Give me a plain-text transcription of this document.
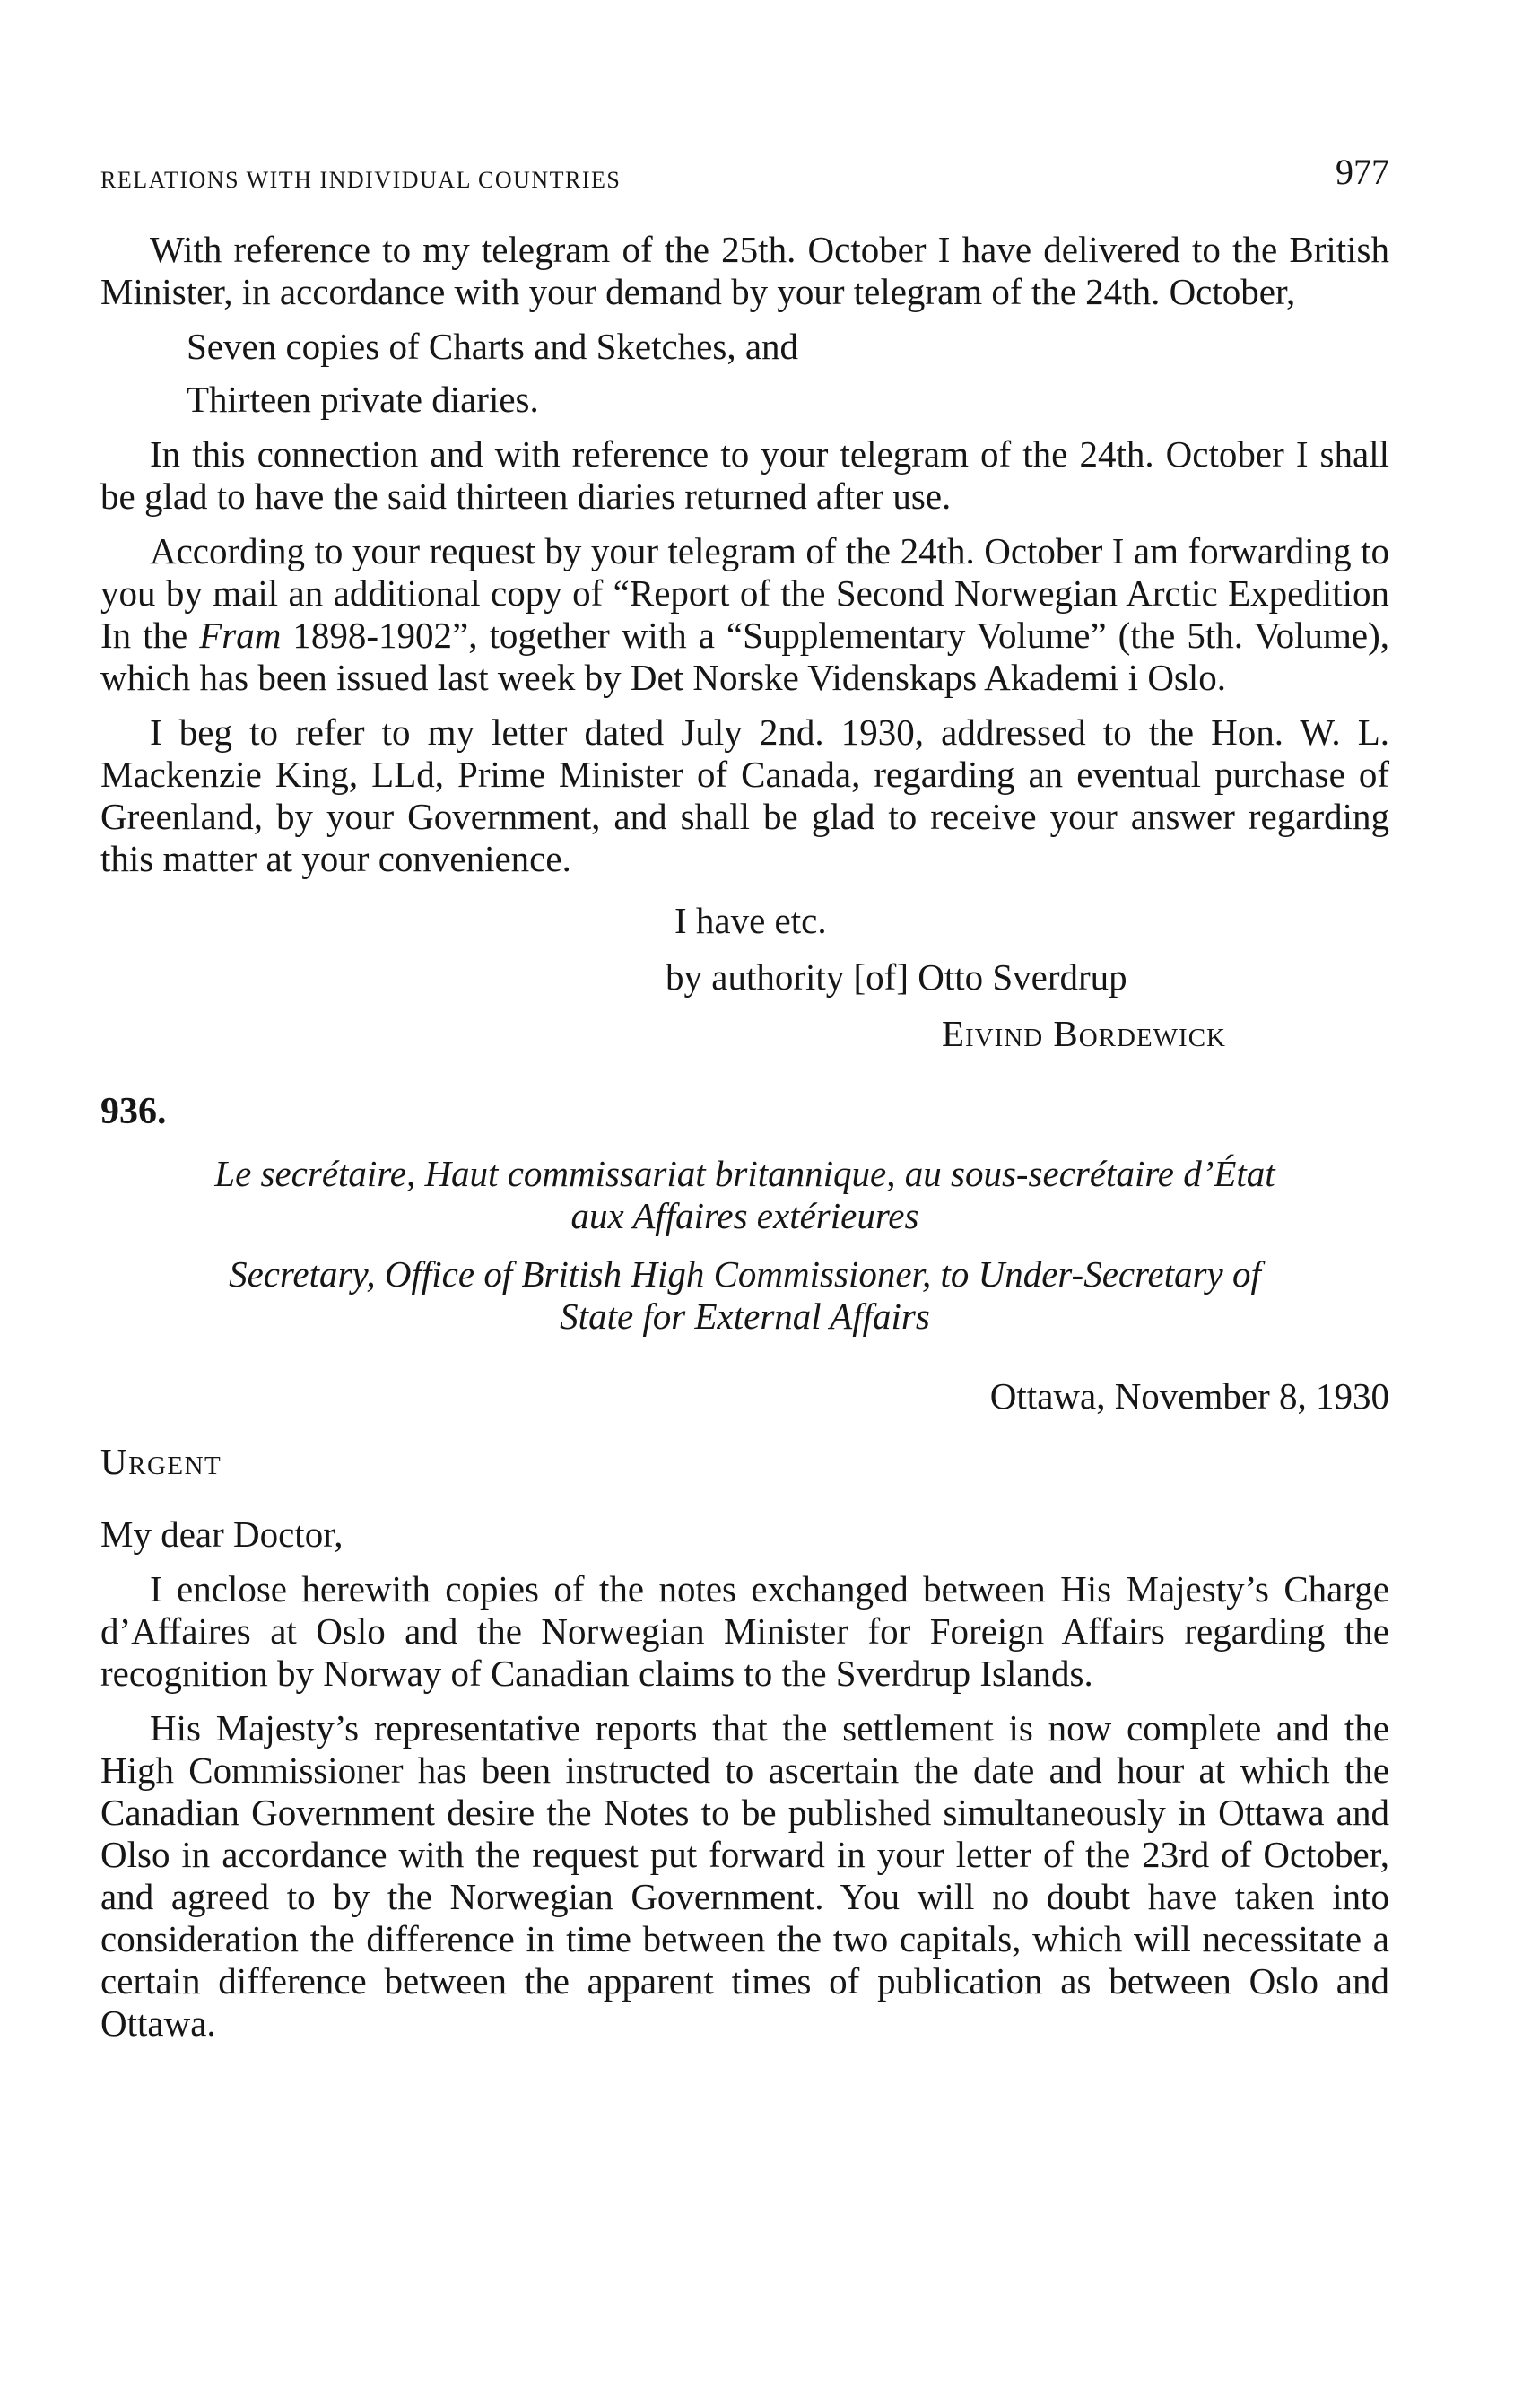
RELATIONS WITH INDIVIDUAL COUNTRIES	977

With reference to my telegram of the 25th. October I have delivered to the British Minister, in accordance with your demand by your telegram of the 24th. October,

Seven copies of Charts and Sketches, and

Thirteen private diaries.

In this connection and with reference to your telegram of the 24th. October I shall be glad to have the said thirteen diaries returned after use.

According to your request by your telegram of the 24th. October I am forwarding to you by mail an additional copy of “Report of the Second Norwegian Arctic Expedition In the Fram 1898-1902”, together with a “Supplementary Volume” (the 5th. Volume), which has been issued last week by Det Norske Videnskaps Akademi i Oslo.

I beg to refer to my letter dated July 2nd. 1930, addressed to the Hon. W. L. Mackenzie King, LLd, Prime Minister of Canada, regarding an eventual purchase of Greenland, by your Government, and shall be glad to receive your answer regarding this matter at your convenience.

I have etc.

by authority [of] Otto Sverdrup

Eivind Bordewick

936.

Le secrétaire, Haut commissariat britannique, au sous-secrétaire d’État

aux Affaires extérieures

Secretary, Office of British High Commissioner, to Under-Secretary of

State for External Affairs

Ottawa, November 8, 1930

Urgent

My dear Doctor,

I enclose herewith copies of the notes exchanged between His Majesty’s Charge d’Affaires at Oslo and the Norwegian Minister for Foreign Affairs regarding the recognition by Norway of Canadian claims to the Sverdrup Islands.

His Majesty’s representative reports that the settlement is now complete and the High Commissioner has been instructed to ascertain the date and hour at which the Canadian Government desire the Notes to be published simultaneously in Ottawa and Olso in accordance with the request put forward in your letter of the 23rd of October, and agreed to by the Norwegian Government. You will no doubt have taken into consideration the difference in time between the two capitals, which will necessitate a certain difference between the apparent times of publication as between Oslo and Ottawa.
